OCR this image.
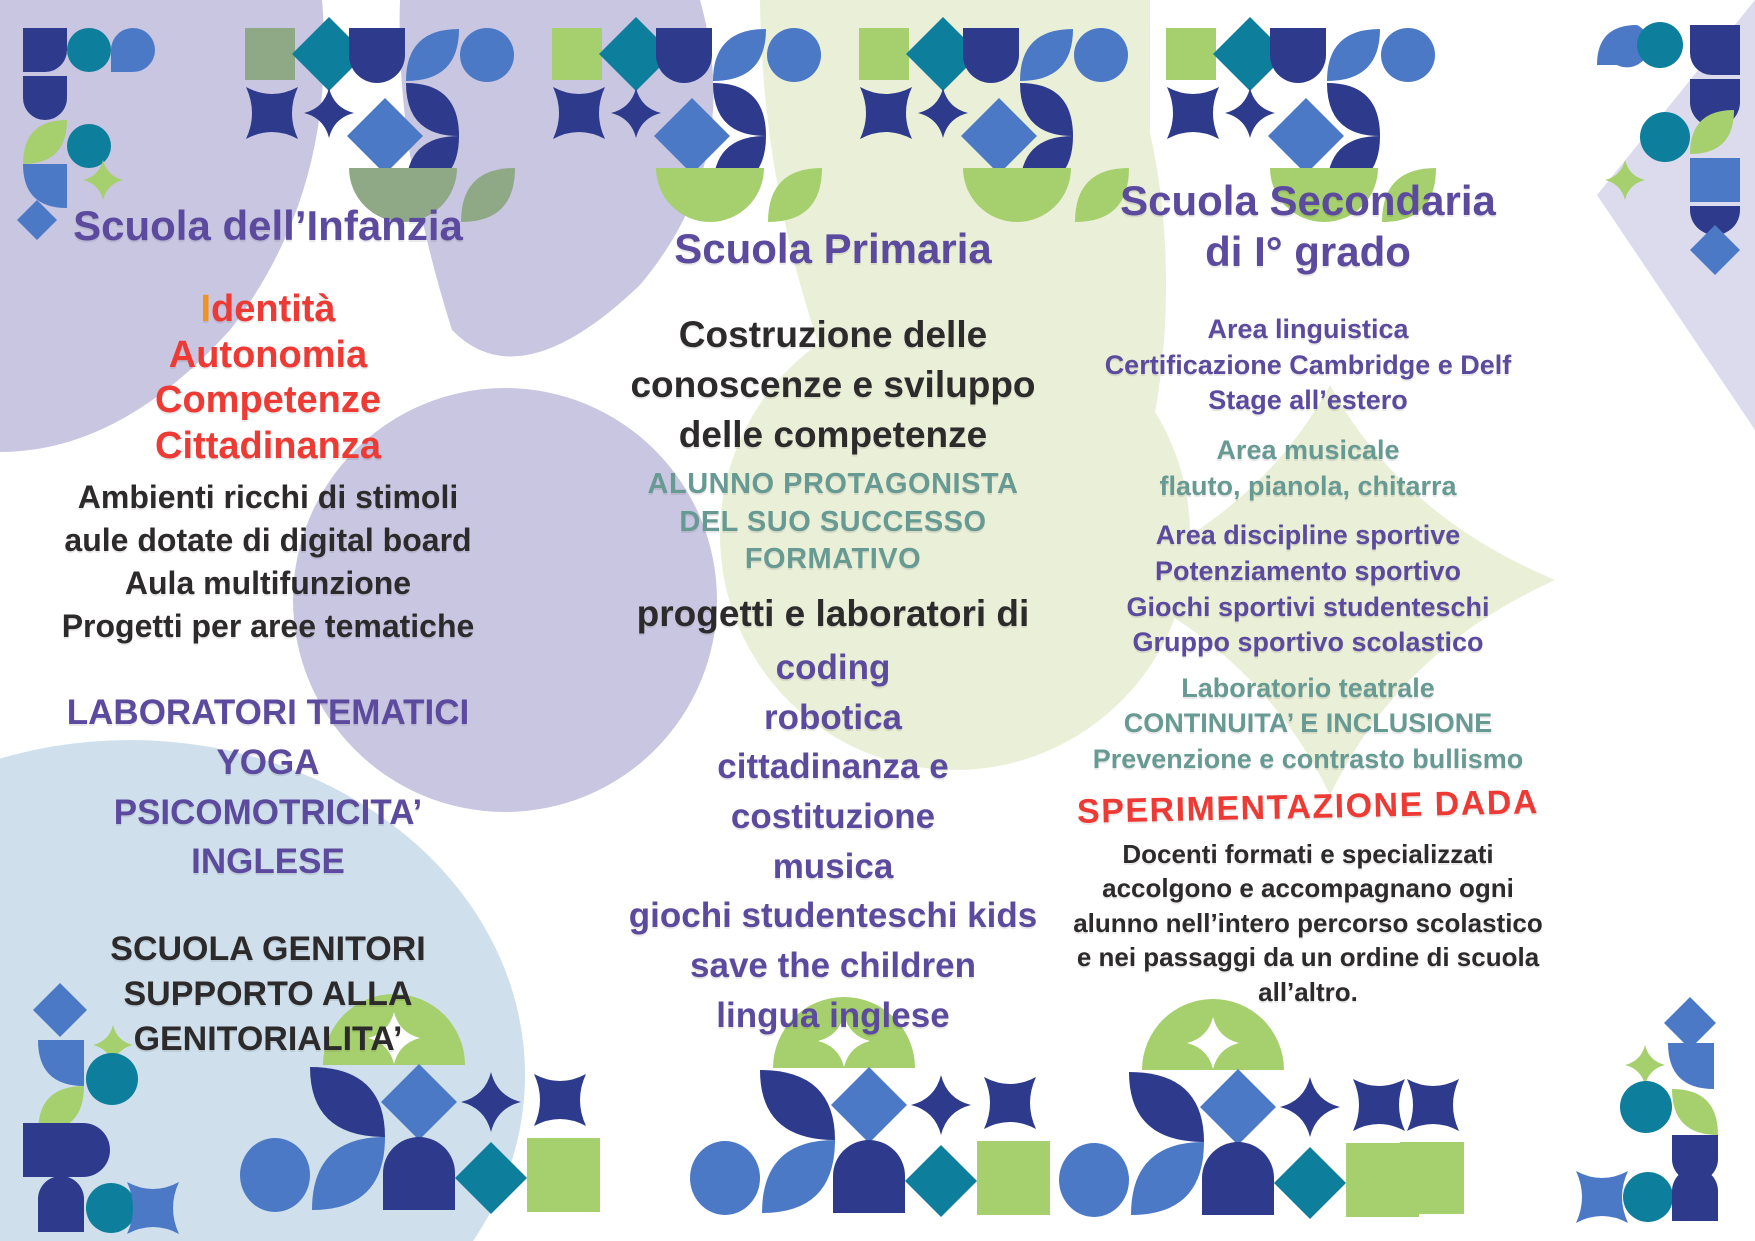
Scuola dell’Infanzia
Identità
Autonomia
Competenze
Cittadinanza
Ambienti ricchi di stimoli
aule dotate di digital board
Aula multifunzione
Progetti per aree tematiche
LABORATORI TEMATICI
YOGA
PSICOMOTRICITA’
INGLESE
SCUOLA GENITORI
SUPPORTO ALLA
GENITORIALITA’
Scuola Primaria
Costruzione delle
conoscenze e sviluppo
delle competenze
ALUNNO PROTAGONISTA
DEL SUO SUCCESSO
FORMATIVO
progetti e laboratori di
coding
robotica
cittadinanza e
costituzione
musica
giochi studenteschi kids
save the children
lingua inglese
Scuola Secondaria
di I° grado
Area linguistica
Certificazione Cambridge e Delf
Stage all’estero
Area musicale
flauto, pianola, chitarra
Area discipline sportive
Potenziamento sportivo
Giochi sportivi studenteschi
Gruppo sportivo scolastico
Laboratorio teatrale
CONTINUITA’ E INCLUSIONE
Prevenzione e contrasto bullismo
SPERIMENTAZIONE DADA
Docenti formati e specializzati
accolgono e accompagnano ogni
alunno nell’intero percorso scolastico
e nei passaggi da un ordine di scuola
all’altro.
